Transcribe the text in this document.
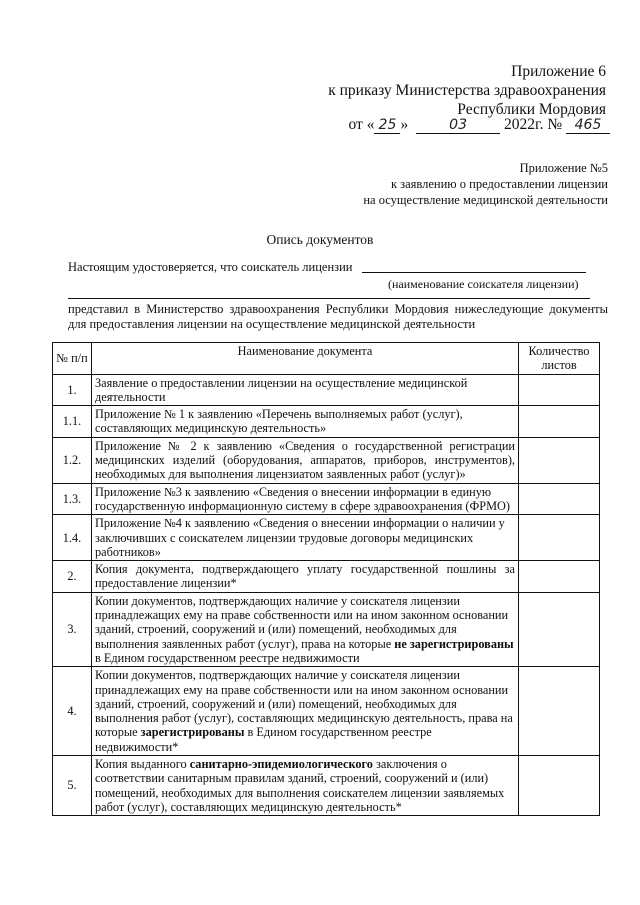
Приложение 6
к приказу Министерства здравоохранения
Республики Мордовия
от « 25 »	03 2022г. № 465
Приложение №5
к заявлению о предоставлении лицензии
на осуществление медицинской деятельности
Опись документов
Настоящим удостоверяется, что соискатель лицензии
(наименование соискателя лицензии)
представил в Министерство здравоохранения Республики Мордовия нижеследующие документы для предоставления лицензии на осуществление медицинской деятельности
№ п/п	Наименование документа	Количество листов
1.	Заявление о предоставлении лицензии на осуществление медицинской деятельности	
1.1.	Приложение № 1 к заявлению «Перечень выполняемых работ (услуг), составляющих медицинскую деятельность»	
1.2.	Приложение № 2 к заявлению «Сведения о государственной регистрации медицинских изделий (оборудования, аппаратов, приборов, инструментов), необходимых для выполнения лицензиатом заявленных работ (услуг)»	
1.3.	Приложение №3 к заявлению «Сведения о внесении информации в единую государственную информационную систему в сфере здравоохранения (ФРМО)	
1.4.	Приложение №4 к заявлению «Сведения о внесении информации о наличии у заключивших с соискателем лицензии трудовые договоры медицинских работников»	
2.	Копия документа, подтверждающего уплату государственной пошлины за предоставление лицензии*	
3.	Копии документов, подтверждающих наличие у соискателя лицензии принадлежащих ему на праве собственности или на ином законном основании зданий, строений, сооружений и (или) помещений, необходимых для выполнения заявленных работ (услуг), права на которые не зарегистрированы в Едином государственном реестре недвижимости	
4.	Копии документов, подтверждающих наличие у соискателя лицензии принадлежащих ему на праве собственности или на ином законном основании зданий, строений, сооружений и (или) помещений, необходимых для выполнения работ (услуг), составляющих медицинскую деятельность, права на которые зарегистрированы в Едином государственном реестре недвижимости*	
5.	Копия выданного санитарно-эпидемиологического заключения о соответствии санитарным правилам зданий, строений, сооружений и (или) помещений, необходимых для выполнения соискателем лицензии заявляемых работ (услуг), составляющих медицинскую деятельность*	
